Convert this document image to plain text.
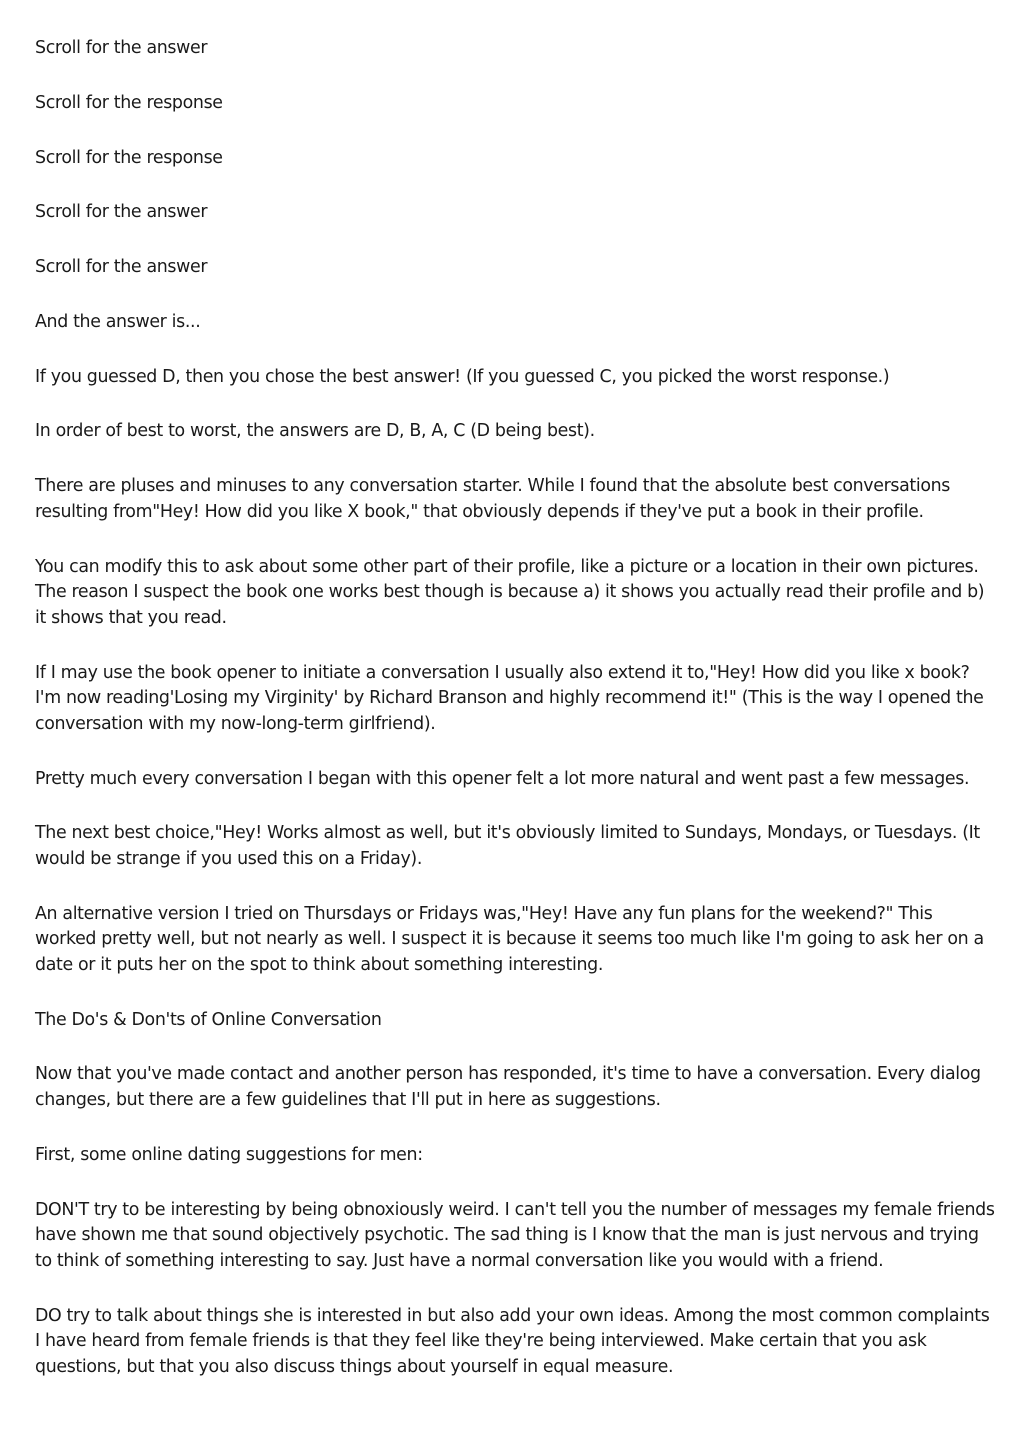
Scroll for the answer

Scroll for the response

Scroll for the response

Scroll for the answer

Scroll for the answer

And the answer is...

If you guessed D, then you chose the best answer! (If you guessed C, you picked the worst response.)

In order of best to worst, the answers are D, B, A, C (D being best).

There are pluses and minuses to any conversation starter. While I found that the absolute best conversations resulting from"Hey! How did you like X book," that obviously depends if they've put a book in their profile.

You can modify this to ask about some other part of their profile, like a picture or a location in their own pictures. The reason I suspect the book one works best though is because a) it shows you actually read their profile and b) it shows that you read.

If I may use the book opener to initiate a conversation I usually also extend it to,"Hey! How did you like x book? I'm now reading'Losing my Virginity' by Richard Branson and highly recommend it!" (This is the way I opened the conversation with my now-long-term girlfriend).

Pretty much every conversation I began with this opener felt a lot more natural and went past a few messages.

The next best choice,"Hey! Works almost as well, but it's obviously limited to Sundays, Mondays, or Tuesdays. (It would be strange if you used this on a Friday).

An alternative version I tried on Thursdays or Fridays was,"Hey! Have any fun plans for the weekend?" This worked pretty well, but not nearly as well. I suspect it is because it seems too much like I'm going to ask her on a date or it puts her on the spot to think about something interesting.

The Do's & Don'ts of Online Conversation

Now that you've made contact and another person has responded, it's time to have a conversation. Every dialog changes, but there are a few guidelines that I'll put in here as suggestions.

First, some online dating suggestions for men:

DON'T try to be interesting by being obnoxiously weird. I can't tell you the number of messages my female friends have shown me that sound objectively psychotic. The sad thing is I know that the man is just nervous and trying to think of something interesting to say. Just have a normal conversation like you would with a friend.

DO try to talk about things she is interested in but also add your own ideas. Among the most common complaints I have heard from female friends is that they feel like they're being interviewed. Make certain that you ask questions, but that you also discuss things about yourself in equal measure.
